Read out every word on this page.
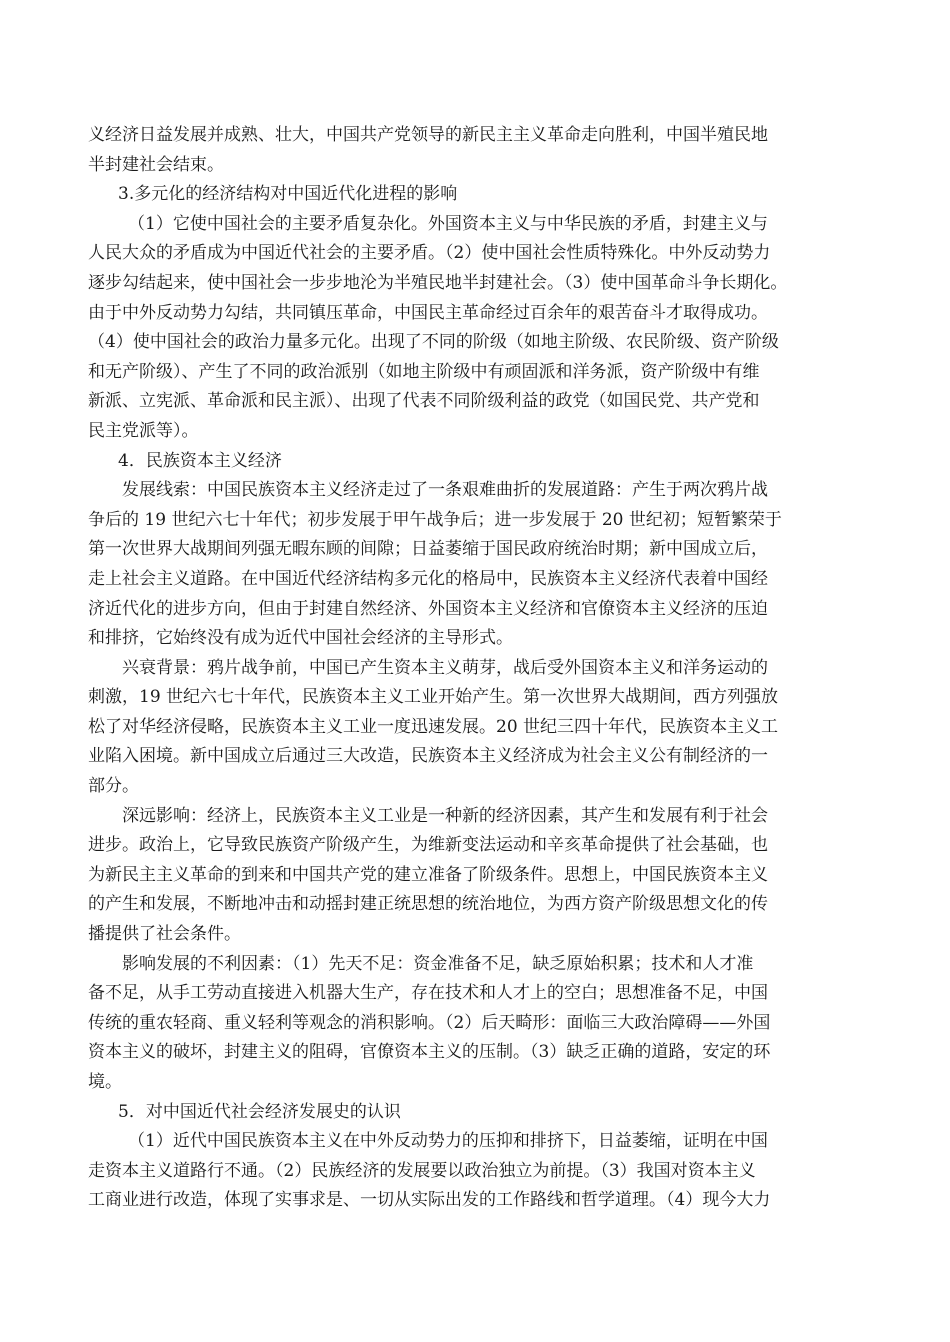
义经济日益发展并成熟、壮大，中国共产党领导的新民主主义革命走向胜利，中国半殖民地
半封建社会结束。
3.多元化的经济结构对中国近代化进程的影响
（1）它使中国社会的主要矛盾复杂化。外国资本主义与中华民族的矛盾，封建主义与
人民大众的矛盾成为中国近代社会的主要矛盾。（2）使中国社会性质特殊化。中外反动势力
逐步勾结起来，使中国社会一步步地沦为半殖民地半封建社会。（3）使中国革命斗争长期化。
由于中外反动势力勾结，共同镇压革命，中国民主革命经过百余年的艰苦奋斗才取得成功。
（4）使中国社会的政治力量多元化。出现了不同的阶级（如地主阶级、农民阶级、资产阶级
和无产阶级）、产生了不同的政治派别（如地主阶级中有顽固派和洋务派，资产阶级中有维
新派、立宪派、革命派和民主派）、出现了代表不同阶级利益的政党（如国民党、共产党和
民主党派等）。
4．民族资本主义经济
发展线索：中国民族资本主义经济走过了一条艰难曲折的发展道路：产生于两次鸦片战
争后的 19 世纪六七十年代；初步发展于甲午战争后；进一步发展于 20 世纪初；短暂繁荣于
第一次世界大战期间列强无暇东顾的间隙；日益萎缩于国民政府统治时期；新中国成立后，
走上社会主义道路。在中国近代经济结构多元化的格局中，民族资本主义经济代表着中国经
济近代化的进步方向，但由于封建自然经济、外国资本主义经济和官僚资本主义经济的压迫
和排挤，它始终没有成为近代中国社会经济的主导形式。
兴衰背景：鸦片战争前，中国已产生资本主义萌芽，战后受外国资本主义和洋务运动的
刺激，19 世纪六七十年代，民族资本主义工业开始产生。第一次世界大战期间，西方列强放
松了对华经济侵略，民族资本主义工业一度迅速发展。20 世纪三四十年代，民族资本主义工
业陷入困境。新中国成立后通过三大改造，民族资本主义经济成为社会主义公有制经济的一
部分。
深远影响：经济上，民族资本主义工业是一种新的经济因素，其产生和发展有利于社会
进步。政治上，它导致民族资产阶级产生，为维新变法运动和辛亥革命提供了社会基础，也
为新民主主义革命的到来和中国共产党的建立准备了阶级条件。思想上，中国民族资本主义
的产生和发展，不断地冲击和动摇封建正统思想的统治地位，为西方资产阶级思想文化的传
播提供了社会条件。
影响发展的不利因素：（1）先天不足：资金准备不足，缺乏原始积累；技术和人才准
备不足，从手工劳动直接进入机器大生产，存在技术和人才上的空白；思想准备不足，中国
传统的重农轻商、重义轻利等观念的消积影响。（2）后天畸形：面临三大政治障碍——外国
资本主义的破坏，封建主义的阻碍，官僚资本主义的压制。（3）缺乏正确的道路，安定的环
境。
5．对中国近代社会经济发展史的认识
（1）近代中国民族资本主义在中外反动势力的压抑和排挤下，日益萎缩，证明在中国
走资本主义道路行不通。（2）民族经济的发展要以政治独立为前提。（3）我国对资本主义
工商业进行改造，体现了实事求是、一切从实际出发的工作路线和哲学道理。（4）现今大力
